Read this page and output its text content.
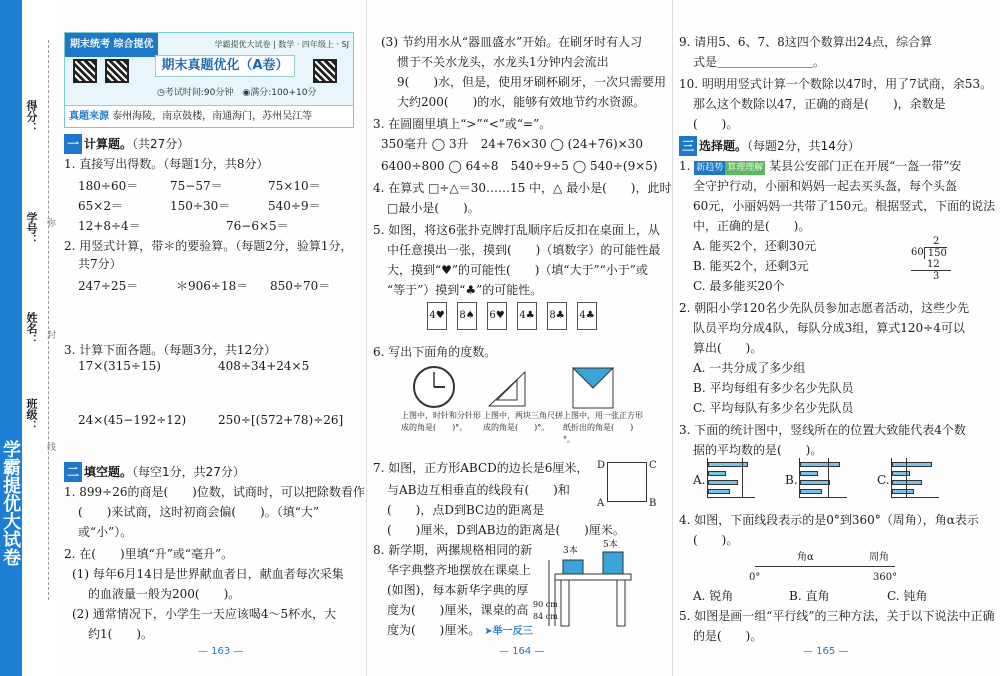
学霸提优大试卷
得分：
学号：
姓名：
班级：
弥
封
线
期末统考 综合提优	学霸提优大试卷 | 数学 · 四年级上 · SJ
期末真题优化（A卷）
◷考试时间:90分钟　 ◉满分:100+10分
真题来源 泰州海陵，南京鼓楼，南通海门，苏州吴江等
一 计算题。（共27分）
1. 直接写出得数。（每题1分，共8分）
180÷60＝	75−57＝	75×10＝
65×2＝	150÷30＝	540÷9＝
12+8÷4＝	76−6×5＝
2. 用竖式计算，带＊的要验算。（每题2分，验算1分，
共7分）
247÷25＝	＊906÷18＝ 850÷70＝
3. 计算下面各题。（每题3分，共12分）
17×(315÷15)	408÷34+24×5
24×(45−192÷12)	250÷[(572+78)÷26]
二 填空题。（每空1分，共27分）
1. 899÷26的商是(　　)位数，试商时，可以把除数看作
(　　)来试商，这时初商会偏(　　)。（填“大”
或“小”）。
2. 在(　　)里填“升”或“毫升”。
(1) 每年6月14日是世界献血者日，献血者每次采集
的血液量一般为200(　　)。
(2) 通常情况下，小学生一天应该喝4～5杯水，大
约1(　　)。
— 163 —
(3) 节约用水从“器皿盛水”开始。在刷牙时有人习
惯于不关水龙头，水龙头1分钟内会流出
9(　　)水，但是，使用牙刷杯刷牙，一次只需要用
大约200(　　)的水，能够有效地节约水资源。
3. 在圆圈里填上“>”“<”或“=”。
350毫升 ◯ 3升　 24+76×30 ◯ (24+76)×30
6400÷800 ◯ 64÷8　 540÷9÷5 ◯ 540÷(9×5)
4. 在算式 □÷△＝30……15 中，△ 最小是(　　)，此时
□最小是(　　)。
5. 如图，将这6张扑克牌打乱顺序后反扣在桌面上，从
中任意摸出一张，摸到(　　)（填数字）的可能性最
大，摸到“♥”的可能性(　　)（填“大于”“小于”或
“等于”）摸到“♣”的可能性。
4♥ 8♠ 6♥ 4♣ 8♣ 4♣
6. 写出下面角的度数。
上图中，时针和分针形成的角是(　　)°。
上图中，两块三角尺拼成的角是(　　)°。
上图中，用一张正方形纸折出的角是(　　)°。
7. 如图，正方形ABCD的边长是6厘米，
与AB边互相垂直的线段有(　　)和
(　　)，点D到BC边的距离是
(　　)厘米，D到AB边的距离是(　　)厘米。
D	C
A	B
8. 新学期，两摞规格相同的新
华字典整齐地摆放在课桌上
(如图)，每本新华字典的厚
度为(　　)厘米，课桌的高
度为(　　)厘米。 ➤举一反三
3本
5本
90 cm
84 cm
— 164 —
9. 请用5、6、7、8这四个数算出24点，综合算
式是＿＿＿＿＿＿＿＿。
10. 明明用竖式计算一个数除以47时，用了7试商，余53。
那么这个数除以47，正确的商是(　　)，余数是
(　　)。
三 选择题。（每题2分，共14分）
1. 新趋势 算理理解 某县公安部门正在开展“一盔一带”安
全守护行动，小丽和妈妈一起去买头盔，每个头盔
60元，小丽妈妈一共带了150元。根据竖式，下面的说法
中，正确的是(　　)。
A. 能买2个，还剩30元
B. 能买2个，还剩3元
C. 最多能买20个
2
60 150
12
3
2. 朝阳小学120名少先队员参加志愿者活动，这些少先
队员平均分成4队，每队分成3组，算式120÷4可以
算出(　　)。
A. 一共分成了多少组
B. 平均每组有多少名少先队员
C. 平均每队有多少名少先队员
3. 下面的统计图中，竖线所在的位置大致能代表4个数
据的平均数的是(　　)。
A.	B.	C.
4. 如图，下面线段表示的是0°到360°（周角），角α表示
(　　)。
角α	周角
0°	360°
A. 锐角	B. 直角	C. 钝角
5. 如图是画一组“平行线”的三种方法，关于以下说法中正确
的是(　　)。
— 165 —
